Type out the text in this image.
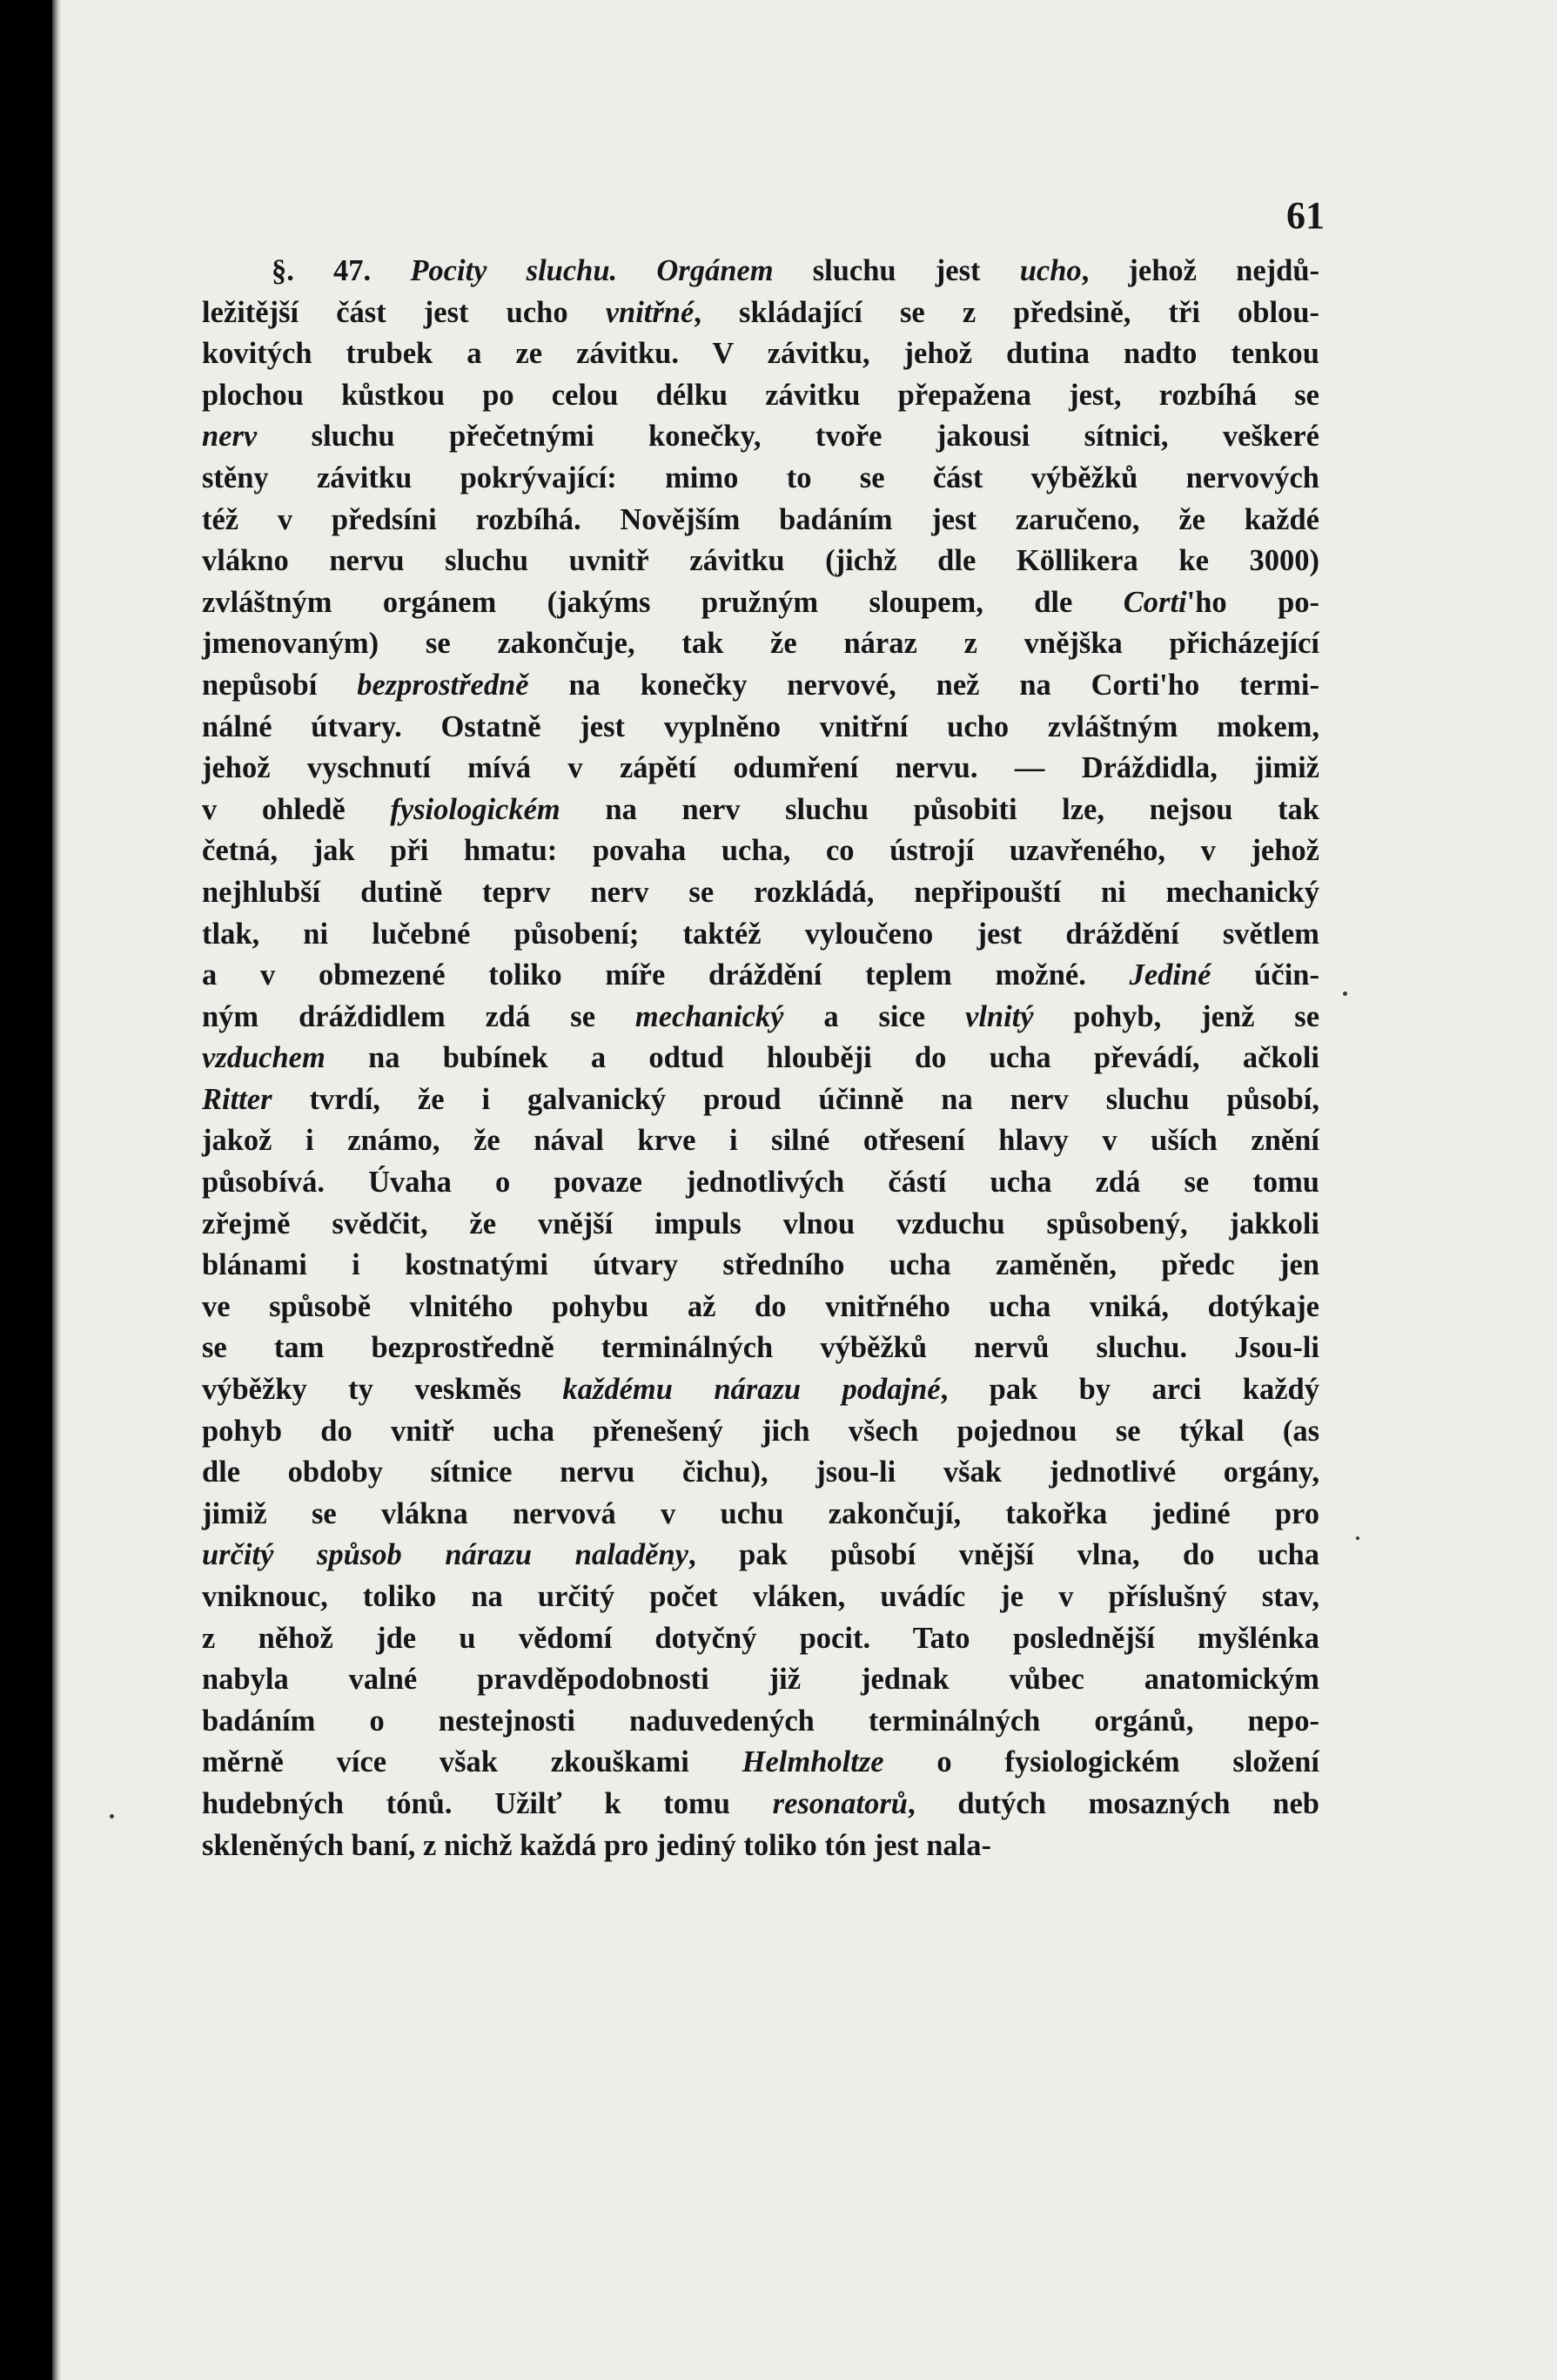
61
§. 47. Pocity sluchu. Orgánem sluchu jest ucho, jehož nejdů-
ležitější část jest ucho vnitřné, skládající se z předsině, tři oblou-
kovitých trubek a ze závitku. V závitku, jehož dutina nadto tenkou
plochou kůstkou po celou délku závitku přepažena jest, rozbíhá se
nerv sluchu přečetnými konečky, tvoře jakousi sítnici, veškeré
stěny závitku pokrývající: mimo to se část výběžků nervových
též v předsíni rozbíhá. Novějším badáním jest zaručeno, že každé
vlákno nervu sluchu uvnitř závitku (jichž dle Köllikera ke 3000)
zvláštným orgánem (jakýms pružným sloupem, dle Corti'ho po-
jmenovaným) se zakončuje, tak že náraz z vnějška přicházející
nepůsobí bezprostředně na konečky nervové, než na Corti'ho termi-
nálné útvary. Ostatně jest vyplněno vnitřní ucho zvláštným mokem,
jehož vyschnutí mívá v zápětí odumření nervu. — Dráždidla, jimiž
v ohledě fysiologickém na nerv sluchu působiti lze, nejsou tak
četná, jak při hmatu: povaha ucha, co ústrojí uzavřeného, v jehož
nejhlubší dutině teprv nerv se rozkládá, nepřipouští ni mechanický
tlak, ni lučebné působení; taktéž vyloučeno jest dráždění světlem
a v obmezené toliko míře dráždění teplem možné. Jediné účin-
ným dráždidlem zdá se mechanický a sice vlnitý pohyb, jenž se
vzduchem na bubínek a odtud hlouběji do ucha převádí, ačkoli
Ritter tvrdí, že i galvanický proud účinně na nerv sluchu působí,
jakož i známo, že nával krve i silné otřesení hlavy v uších znění
působívá. Úvaha o povaze jednotlivých částí ucha zdá se tomu
zřejmě svědčit, že vnější impuls vlnou vzduchu spůsobený, jakkoli
blánami i kostnatými útvary středního ucha zaměněn, předc jen
ve spůsobě vlnitého pohybu až do vnitřného ucha vniká, dotýkaje
se tam bezprostředně terminálných výběžků nervů sluchu. Jsou-li
výběžky ty veskměs každému nárazu podajné, pak by arci každý
pohyb do vnitř ucha přenešený jich všech pojednou se týkal (as
dle obdoby sítnice nervu čichu), jsou-li však jednotlivé orgány,
jimiž se vlákna nervová v uchu zakončují, takořka jediné pro
určitý spůsob nárazu naladěny, pak působí vnější vlna, do ucha
vniknouc, toliko na určitý počet vláken, uvádíc je v příslušný stav,
z něhož jde u vědomí dotyčný pocit. Tato poslednější myšlénka
nabyla valné pravděpodobnosti již jednak vůbec anatomickým
badáním o nestejnosti naduvedených terminálných orgánů, nepo-
měrně více však zkouškami Helmholtze o fysiologickém složení
hudebných tónů. Užilť k tomu resonatorů, dutých mosazných neb
skleněných baní, z nichž každá pro jediný toliko tón jest nala-
